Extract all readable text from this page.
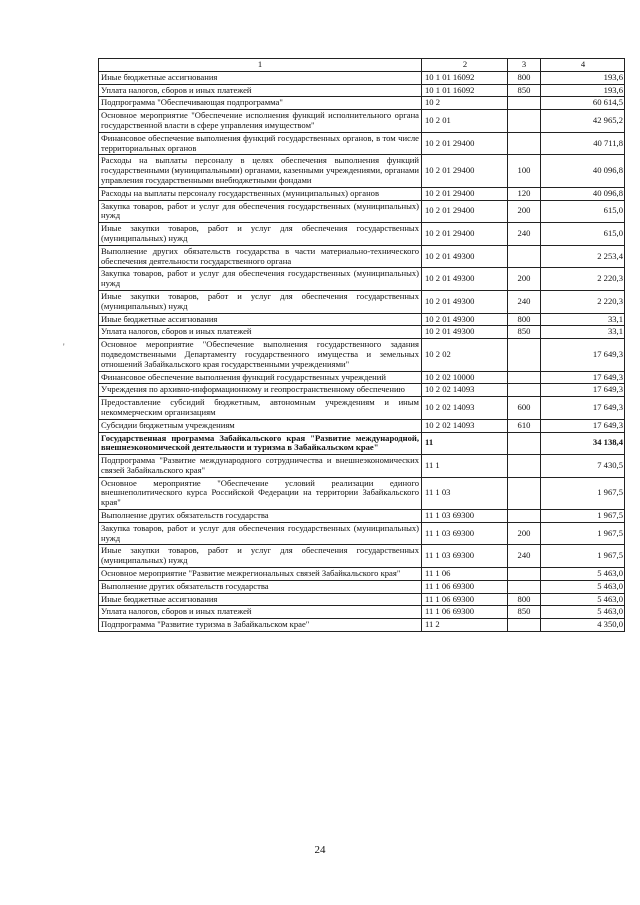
1	2	3	4
Иные бюджетные ассигнования	10 1 01 16092	800	193,6
Уплата налогов, сборов и иных платежей	10 1 01 16092	850	193,6
Подпрограмма "Обеспечивающая подпрограмма"	10 2		60 614,5
Основное мероприятие "Обеспечение исполнения функций исполнительного органа государственной власти в сфере управления имуществом"	10 2 01		42 965,2
Финансовое обеспечение выполнения функций государственных органов, в том числе территориальных органов	10 2 01 29400		40 711,8
Расходы на выплаты персоналу в целях обеспечения выполнения функций государственными (муниципальными) органами, казенными учреждениями, органами управления государственными внебюджетными фондами	10 2 01 29400	100	40 096,8
Расходы на выплаты персоналу государственных (муниципальных) органов	10 2 01 29400	120	40 096,8
Закупка товаров, работ и услуг для обеспечения государственных (муниципальных) нужд	10 2 01 29400	200	615,0
Иные закупки товаров, работ и услуг для обеспечения государственных (муниципальных) нужд	10 2 01 29400	240	615,0
Выполнение других обязательств государства в части материально-технического обеспечения деятельности государственного органа	10 2 01 49300		2 253,4
Закупка товаров, работ и услуг для обеспечения государственных (муниципальных) нужд	10 2 01 49300	200	2 220,3
Иные закупки товаров, работ и услуг для обеспечения государственных (муниципальных) нужд	10 2 01 49300	240	2 220,3
Иные бюджетные ассигнования	10 2 01 49300	800	33,1
Уплата налогов, сборов и иных платежей	10 2 01 49300	850	33,1
Основное мероприятие "Обеспечение выполнения государственного задания подведомственными Департаменту государственного имущества и земельных отношений Забайкальского края государственными учреждениями"	10 2 02		17 649,3
Финансовое обеспечение выполнения функций государственных учреждений	10 2 02 10000		17 649,3
Учреждения по архивно-информационному и геопространственному обеспечению	10 2 02 14093		17 649,3
Предоставление субсидий бюджетным, автономным учреждениям и иным некоммерческим организациям	10 2 02 14093	600	17 649,3
Субсидии бюджетным учреждениям	10 2 02 14093	610	17 649,3
Государственная программа Забайкальского края "Развитие международной, внешнеэкономической деятельности и туризма в Забайкальском крае"	11		34 138,4
Подпрограмма "Развитие международного сотрудничества и внешнеэкономических связей Забайкальского края"	11 1		7 430,5
Основное мероприятие "Обеспечение условий реализации единого внешнеполитического курса Российской Федерации на территории Забайкальского края"	11 1 03		1 967,5
Выполнение других обязательств государства	11 1 03 69300		1 967,5
Закупка товаров, работ и услуг для обеспечения государственных (муниципальных) нужд	11 1 03 69300	200	1 967,5
Иные закупки товаров, работ и услуг для обеспечения государственных (муниципальных) нужд	11 1 03 69300	240	1 967,5
Основное мероприятие "Развитие межрегиональных связей Забайкальского края"	11 1 06		5 463,0
Выполнение других обязательств государства	11 1 06 69300		5 463,0
Иные бюджетные ассигнования	11 1 06 69300	800	5 463,0
Уплата налогов, сборов и иных платежей	11 1 06 69300	850	5 463,0
Подпрограмма "Развитие туризма в Забайкальском крае"	11 2		4 350,0
'
24
